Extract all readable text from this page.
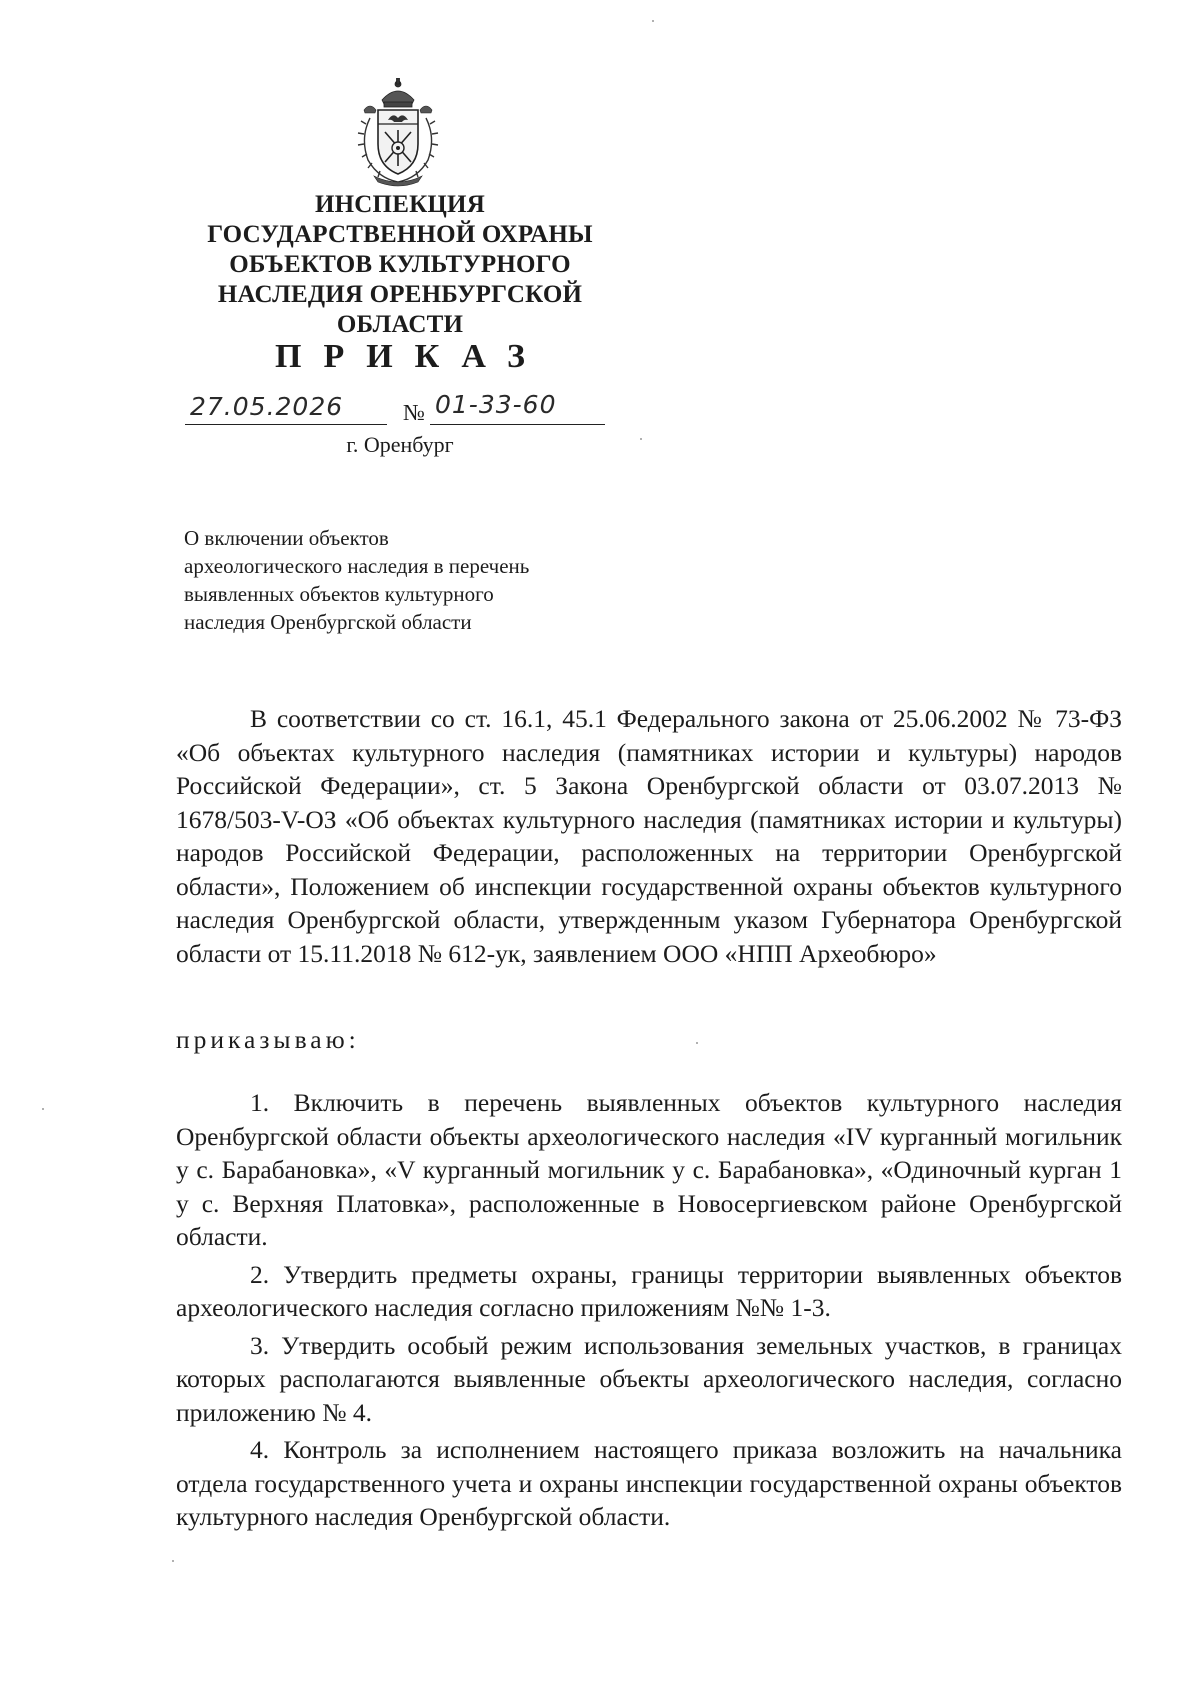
ИНСПЕКЦИЯ
ГОСУДАРСТВЕННОЙ ОХРАНЫ
ОБЪЕКТОВ КУЛЬТУРНОГО
НАСЛЕДИЯ ОРЕНБУРГСКОЙ
ОБЛАСТИ
ПРИКАЗ
27.05.2026	№ 01-33-60
г. Оренбург
О включении объектов
археологического наследия в перечень
выявленных объектов культурного
наследия Оренбургской области
В соответствии со ст. 16.1, 45.1 Федерального закона от 25.06.2002 № 73-ФЗ «Об объектах культурного наследия (памятниках истории и культуры) народов Российской Федерации», ст. 5 Закона Оренбургской области от 03.07.2013 № 1678/503-V-ОЗ «Об объектах культурного наследия (памятниках истории и культуры) народов Российской Федерации, расположенных на территории Оренбургской области», Положением об инспекции государственной охраны объектов культурного наследия Оренбургской области, утвержденным указом Губернатора Оренбургской области от 15.11.2018 № 612-ук, заявлением ООО «НПП Археобюро»
приказываю:

1. Включить в перечень выявленных объектов культурного наследия Оренбургской области объекты археологического наследия «IV курганный могильник у с. Барабановка», «V курганный могильник у с. Барабановка», «Одиночный курган 1 у с. Верхняя Платовка», расположенные в Новосергиевском районе Оренбургской области.

2. Утвердить предметы охраны, границы территории выявленных объектов археологического наследия согласно приложениям №№ 1-3.

3. Утвердить особый режим использования земельных участков, в границах которых располагаются выявленные объекты археологического наследия, согласно приложению № 4.

4. Контроль за исполнением настоящего приказа возложить на начальника отдела государственного учета и охраны инспекции государственной охраны объектов культурного наследия Оренбургской области.
